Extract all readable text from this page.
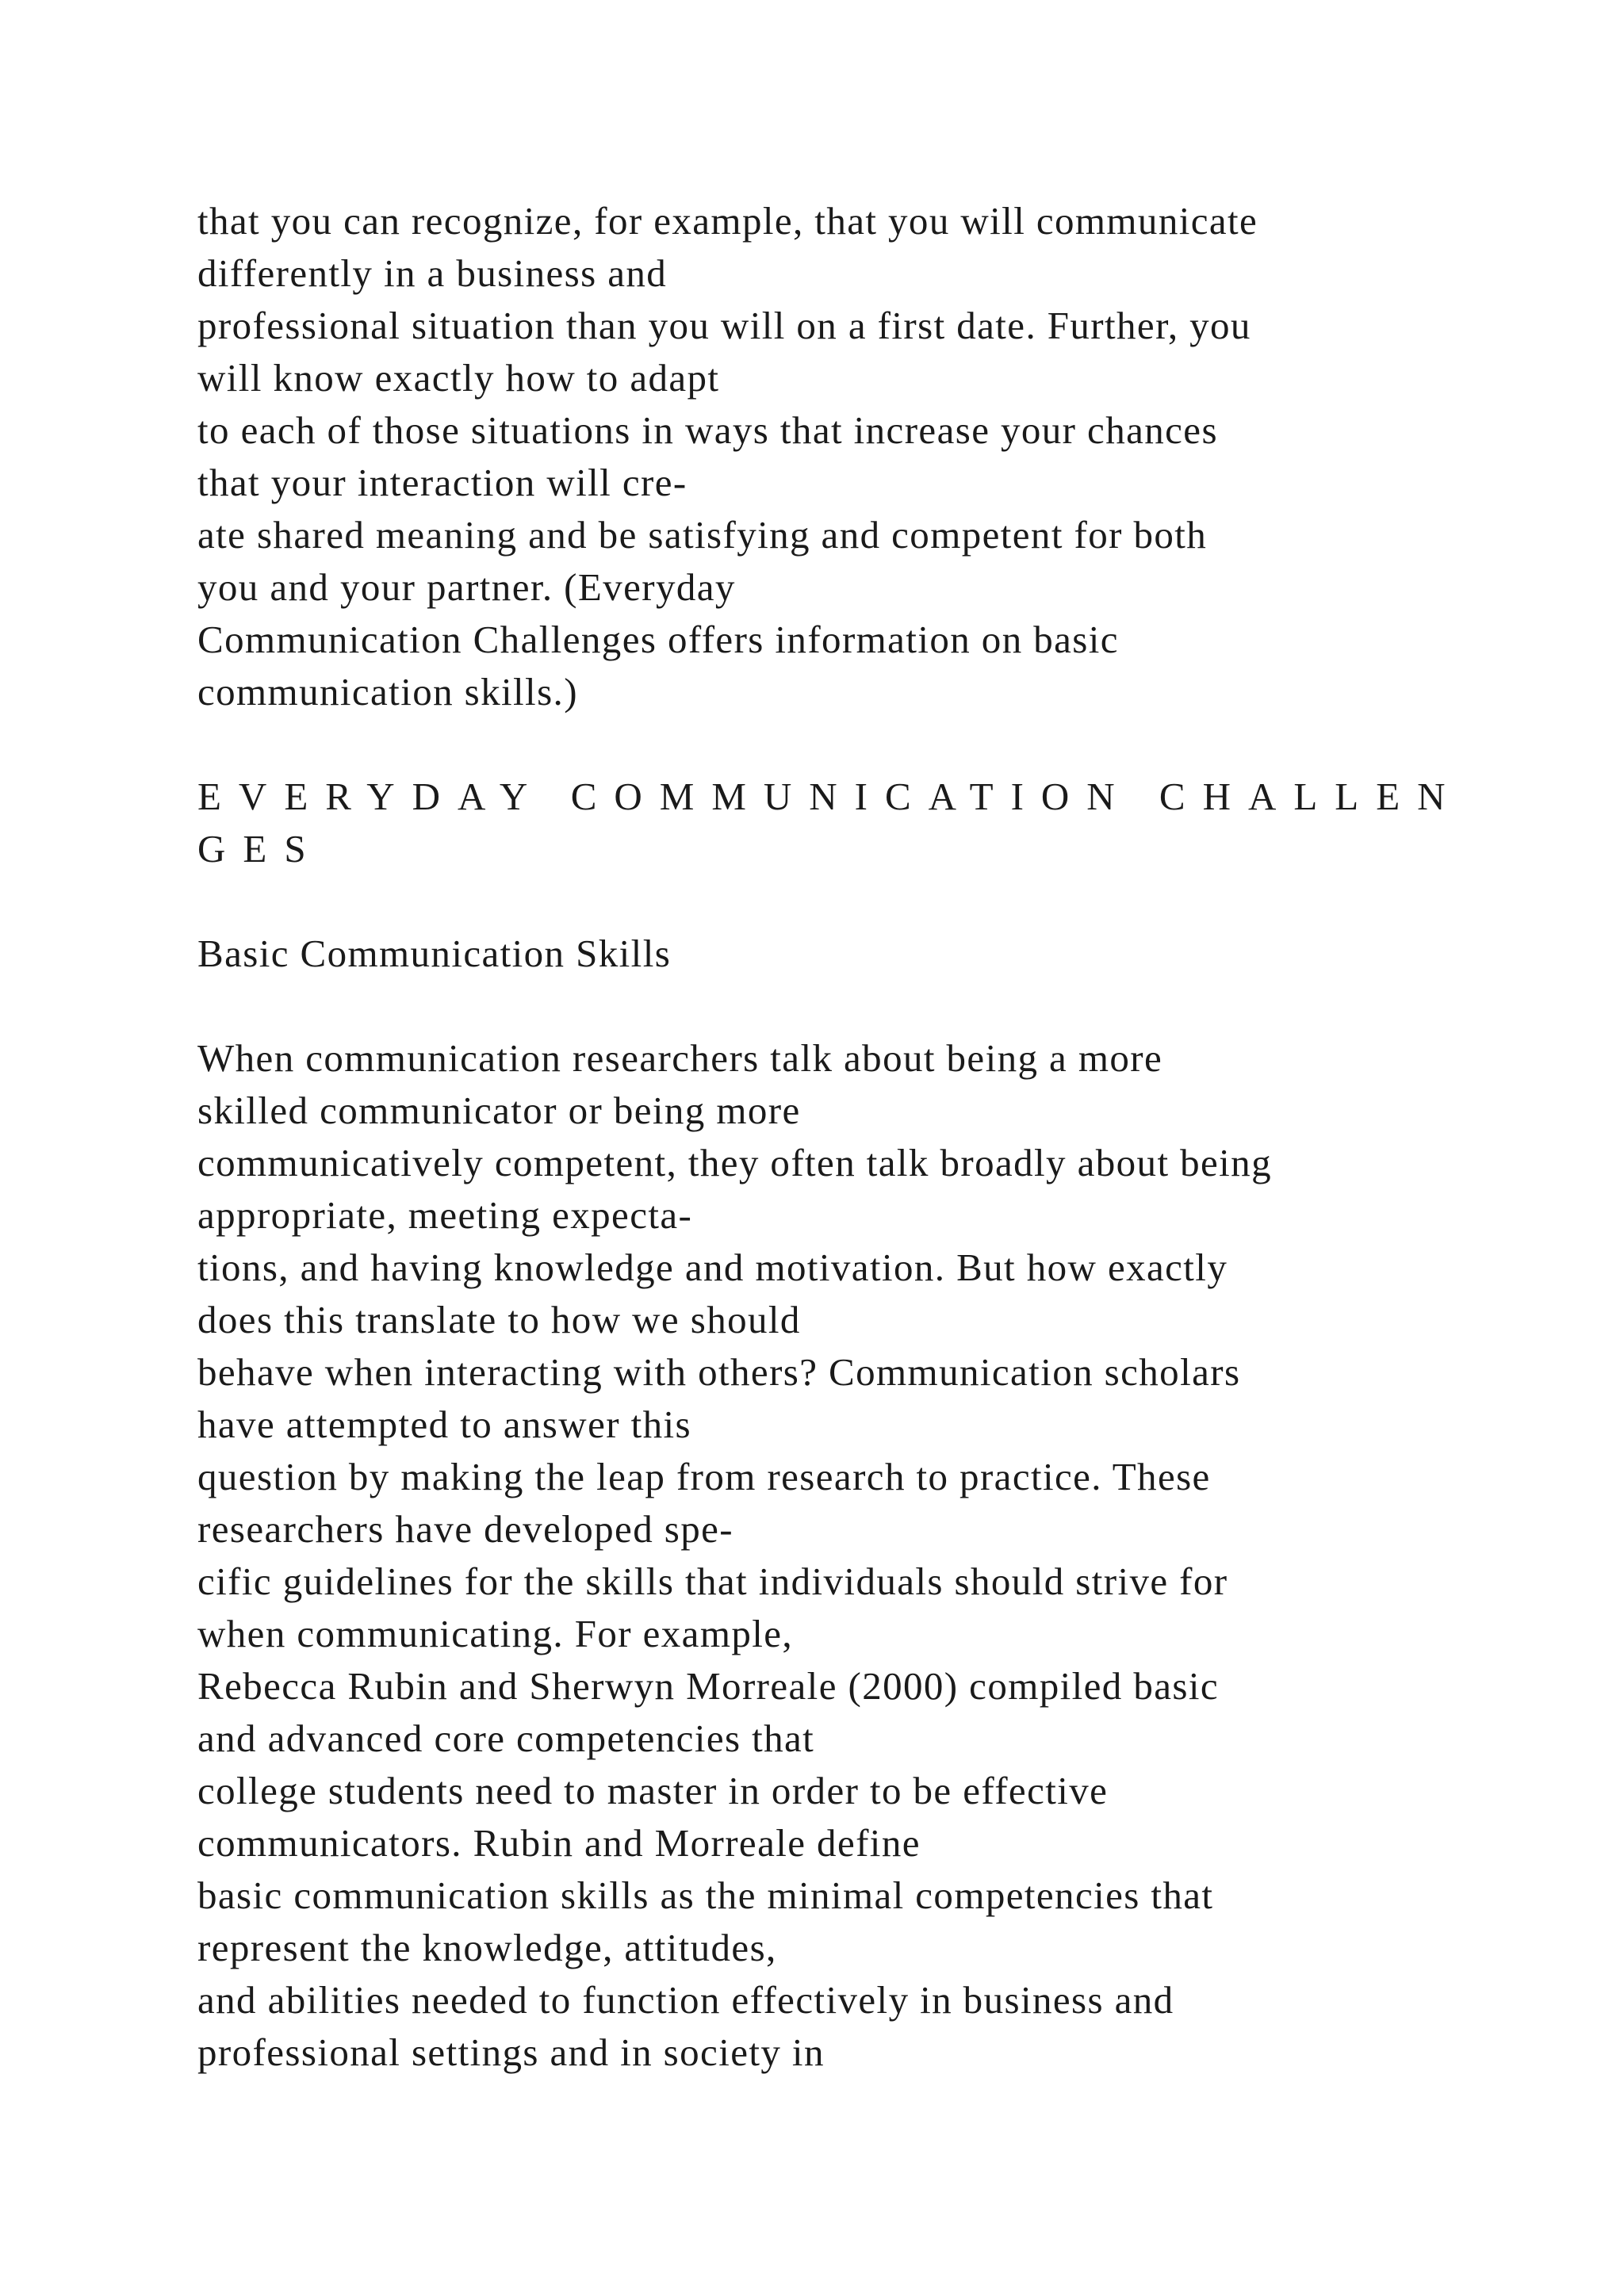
that you can recognize, for example, that you will communicate
differently in a business and
professional situation than you will on a first date. Further, you
will know exactly how to adapt
to each of those situations in ways that increase your chances
that your interaction will cre-
ate shared meaning and be satisfying and competent for both
you and your partner. (Everyday
Communication Challenges offers information on basic
communication skills.)
EVERYDAY COMMUNICATION CHALLEN
GES
Basic Communication Skills
When communication researchers talk about being a more
skilled communicator or being more
communicatively competent, they often talk broadly about being
appropriate, meeting expecta-
tions, and having knowledge and motivation. But how exactly
does this translate to how we should
behave when interacting with others? Communication scholars
have attempted to answer this
question by making the leap from research to practice. These
researchers have developed spe-
cific guidelines for the skills that individuals should strive for
when communicating. For example,
Rebecca Rubin and Sherwyn Morreale (2000) compiled basic
and advanced core competencies that
college students need to master in order to be effective
communicators. Rubin and Morreale define
basic communication skills as the minimal competencies that
represent the knowledge, attitudes,
and abilities needed to function effectively in business and
professional settings and in society in
